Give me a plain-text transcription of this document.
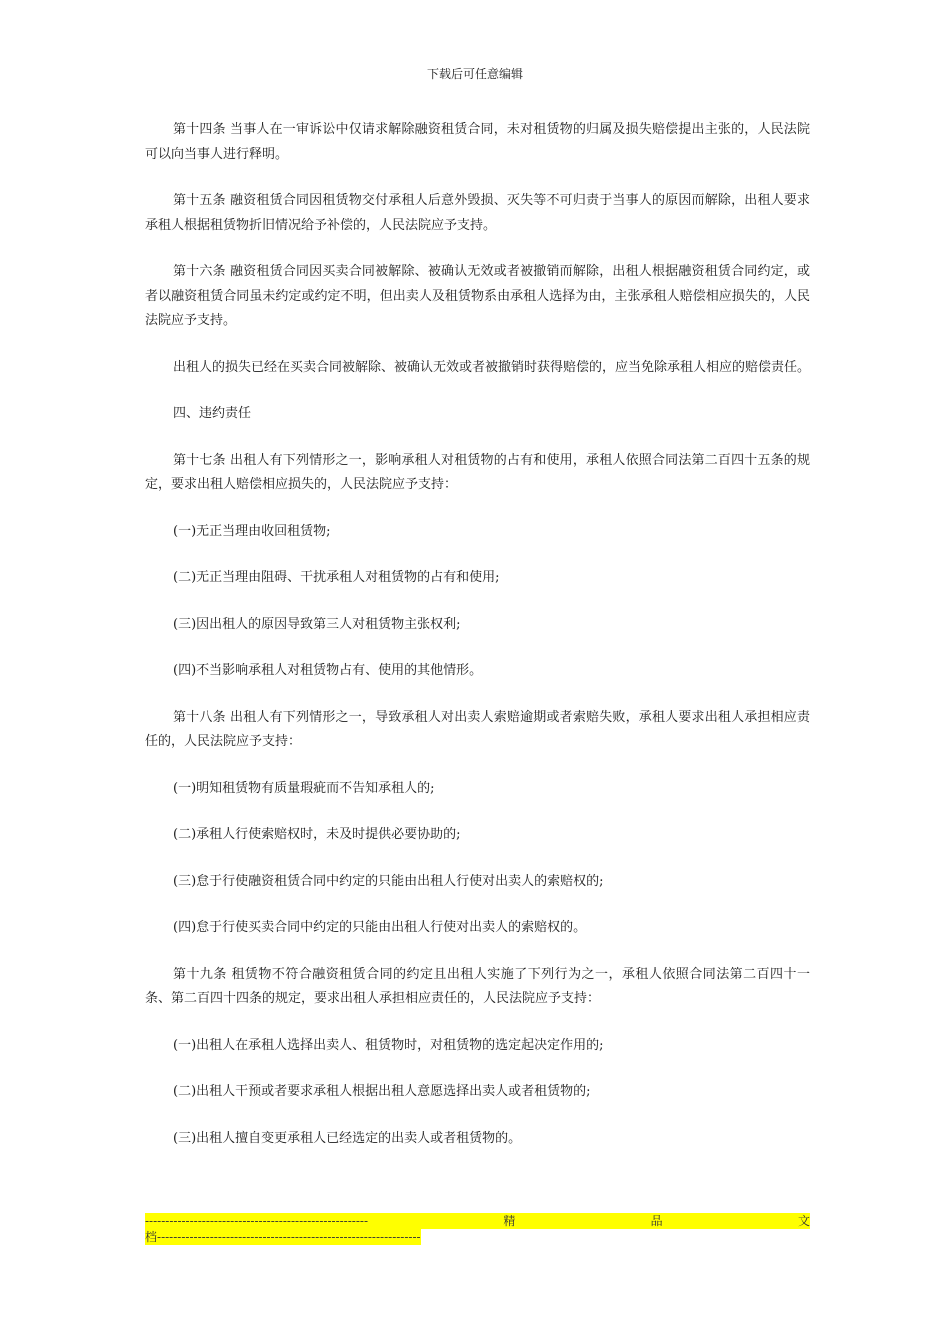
下载后可任意编辑

第十四条 当事人在一审诉讼中仅请求解除融资租赁合同，未对租赁物的归属及损失赔偿提出主张的，人民法院可以向当事人进行释明。

第十五条 融资租赁合同因租赁物交付承租人后意外毁损、灭失等不可归责于当事人的原因而解除，出租人要求承租人根据租赁物折旧情况给予补偿的，人民法院应予支持。

第十六条 融资租赁合同因买卖合同被解除、被确认无效或者被撤销而解除，出租人根据融资租赁合同约定，或者以融资租赁合同虽未约定或约定不明，但出卖人及租赁物系由承租人选择为由，主张承租人赔偿相应损失的，人民法院应予支持。

出租人的损失已经在买卖合同被解除、被确认无效或者被撤销时获得赔偿的，应当免除承租人相应的赔偿责任。

四、违约责任

第十七条 出租人有下列情形之一，影响承租人对租赁物的占有和使用，承租人依照合同法第二百四十五条的规定，要求出租人赔偿相应损失的，人民法院应予支持：

(一)无正当理由收回租赁物;

(二)无正当理由阻碍、干扰承租人对租赁物的占有和使用;

(三)因出租人的原因导致第三人对租赁物主张权利;

(四)不当影响承租人对租赁物占有、使用的其他情形。

第十八条 出租人有下列情形之一，导致承租人对出卖人索赔逾期或者索赔失败，承租人要求出租人承担相应责任的，人民法院应予支持：

(一)明知租赁物有质量瑕疵而不告知承租人的;

(二)承租人行使索赔权时，未及时提供必要协助的;

(三)怠于行使融资租赁合同中约定的只能由出租人行使对出卖人的索赔权的;

(四)怠于行使买卖合同中约定的只能由出租人行使对出卖人的索赔权的。

第十九条 租赁物不符合融资租赁合同的约定且出租人实施了下列行为之一，承租人依照合同法第二百四十一条、第二百四十四条的规定，要求出租人承担相应责任的，人民法院应予支持：

(一)出租人在承租人选择出卖人、租赁物时，对租赁物的选定起决定作用的;

(二)出租人干预或者要求承租人根据出租人意愿选择出卖人或者租赁物的;

(三)出租人擅自变更承租人已经选定的出卖人或者租赁物的。

-------------------------------------------------------	精	品	文
档-----------------------------------------------------------------
